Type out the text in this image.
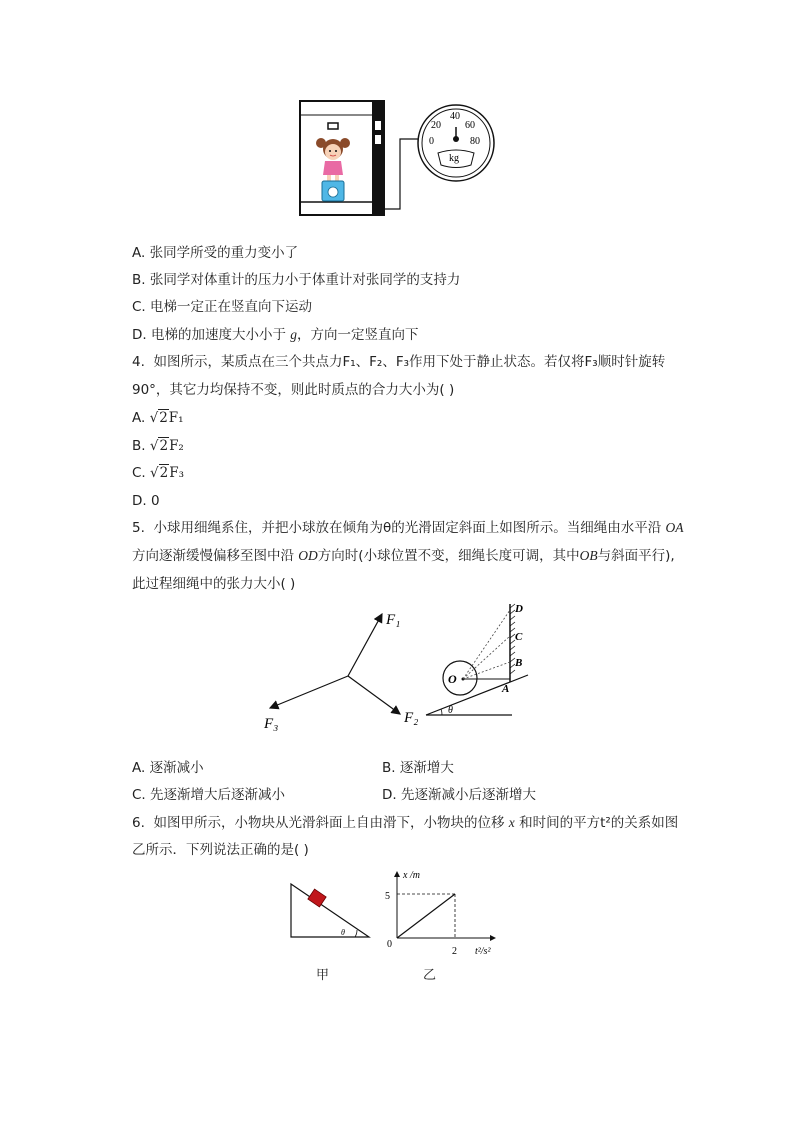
0
20
40
60
80
kg
A. 张同学所受的重力变小了
B. 张同学对体重计的压力小于体重计对张同学的支持力
C. 电梯一定正在竖直向下运动
D. 电梯的加速度大小小于 g，方向一定竖直向下
4. 如图所示，某质点在三个共点力F₁、F₂、F₃作用下处于静止状态。若仅将F₃顺时针旋转
90°，其它力均保持不变，则此时质点的合力大小为( )
A. √2F₁
B. √2F₂
C. √2F₃
D. 0
5. 小球用细绳系住，并把小球放在倾角为θ的光滑固定斜面上如图所示。当细绳由水平沿 OA
方向逐渐缓慢偏移至图中沿 OD方向时(小球位置不变，细绳长度可调，其中OB与斜面平行),
此过程细绳中的张力大小( )
F₁
F₂
F₃
O
A
B
C
D
θ
A. 逐渐减小	B. 逐渐增大
C. 先逐渐增大后逐渐减小	D. 先逐渐减小后逐渐增大
6. 如图甲所示，小物块从光滑斜面上自由滑下，小物块的位移 x 和时间的平方t²的关系如图
乙所示．下列说法正确的是( )
θ
甲
x /m
t²/s²
0
5
2
乙
